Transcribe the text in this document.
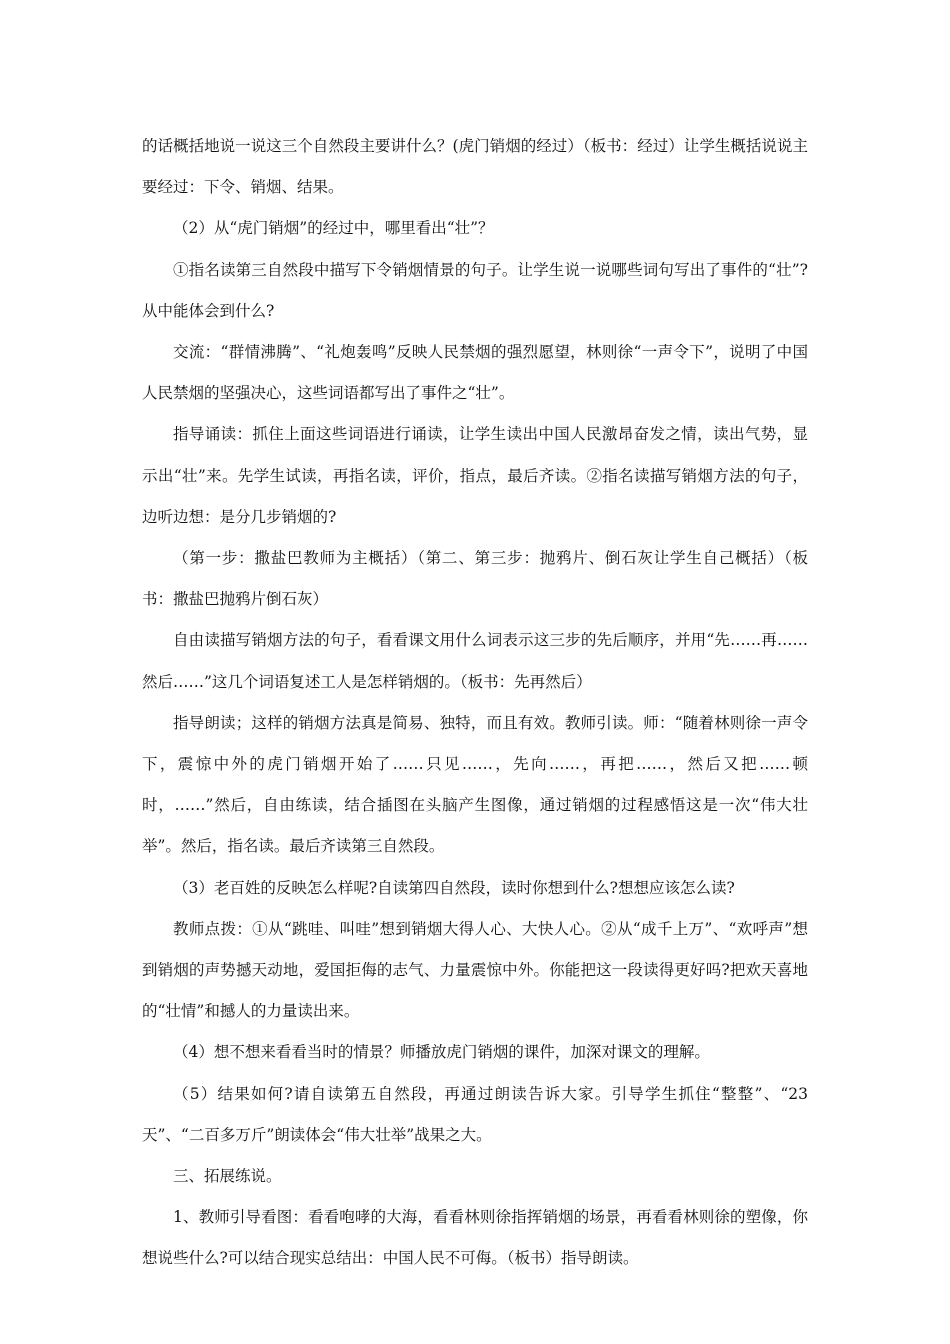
的话概括地说一说这三个自然段主要讲什么？(虎门销烟的经过）（板书：经过）让学生概括说说主要经过：下令、销烟、结果。

（2）从“虎门销烟”的经过中，哪里看出“壮”？

①指名读第三自然段中描写下令销烟情景的句子。让学生说一说哪些词句写出了事件的“壮”?从中能体会到什么?

交流：“群情沸腾”、“礼炮轰鸣”反映人民禁烟的强烈愿望，林则徐“一声令下”，说明了中国人民禁烟的坚强决心，这些词语都写出了事件之“壮”。

指导诵读：抓住上面这些词语进行诵读，让学生读出中国人民激昂奋发之情，读出气势，显示出“壮”来。先学生试读，再指名读，评价，指点，最后齐读。②指名读描写销烟方法的句子，边听边想：是分几步销烟的?

（第一步：撒盐巴教师为主概括）（第二、第三步：抛鸦片、倒石灰让学生自己概括）（板书：撒盐巴抛鸦片倒石灰）

自由读描写销烟方法的句子，看看课文用什么词表示这三步的先后顺序，并用“先……再……然后……”这几个词语复述工人是怎样销烟的。（板书：先再然后）

指导朗读；这样的销烟方法真是简易、独特，而且有效。教师引读。师：“随着林则徐一声令下，震惊中外的虎门销烟开始了……只见……，先向……，再把……，然后又把……顿时，……”然后，自由练读，结合插图在头脑产生图像，通过销烟的过程感悟这是一次“伟大壮举”。然后，指名读。最后齐读第三自然段。

（3）老百姓的反映怎么样呢?自读第四自然段，读时你想到什么?想想应该怎么读?

教师点拨：①从“跳哇、叫哇”想到销烟大得人心、大快人心。②从“成千上万”、“欢呼声”想到销烟的声势撼天动地，爱国拒侮的志气、力量震惊中外。你能把这一段读得更好吗?把欢天喜地的“壮情”和撼人的力量读出来。

（4）想不想来看看当时的情景？师播放虎门销烟的课件，加深对课文的理解。

（5）结果如何?请自读第五自然段，再通过朗读告诉大家。引导学生抓住“整整”、“23天”、“二百多万斤”朗读体会“伟大壮举”战果之大。

三、拓展练说。

1、教师引导看图：看看咆哮的大海，看看林则徐指挥销烟的场景，再看看林则徐的塑像，你想说些什么?可以结合现实总结出：中国人民不可侮。（板书）指导朗读。
